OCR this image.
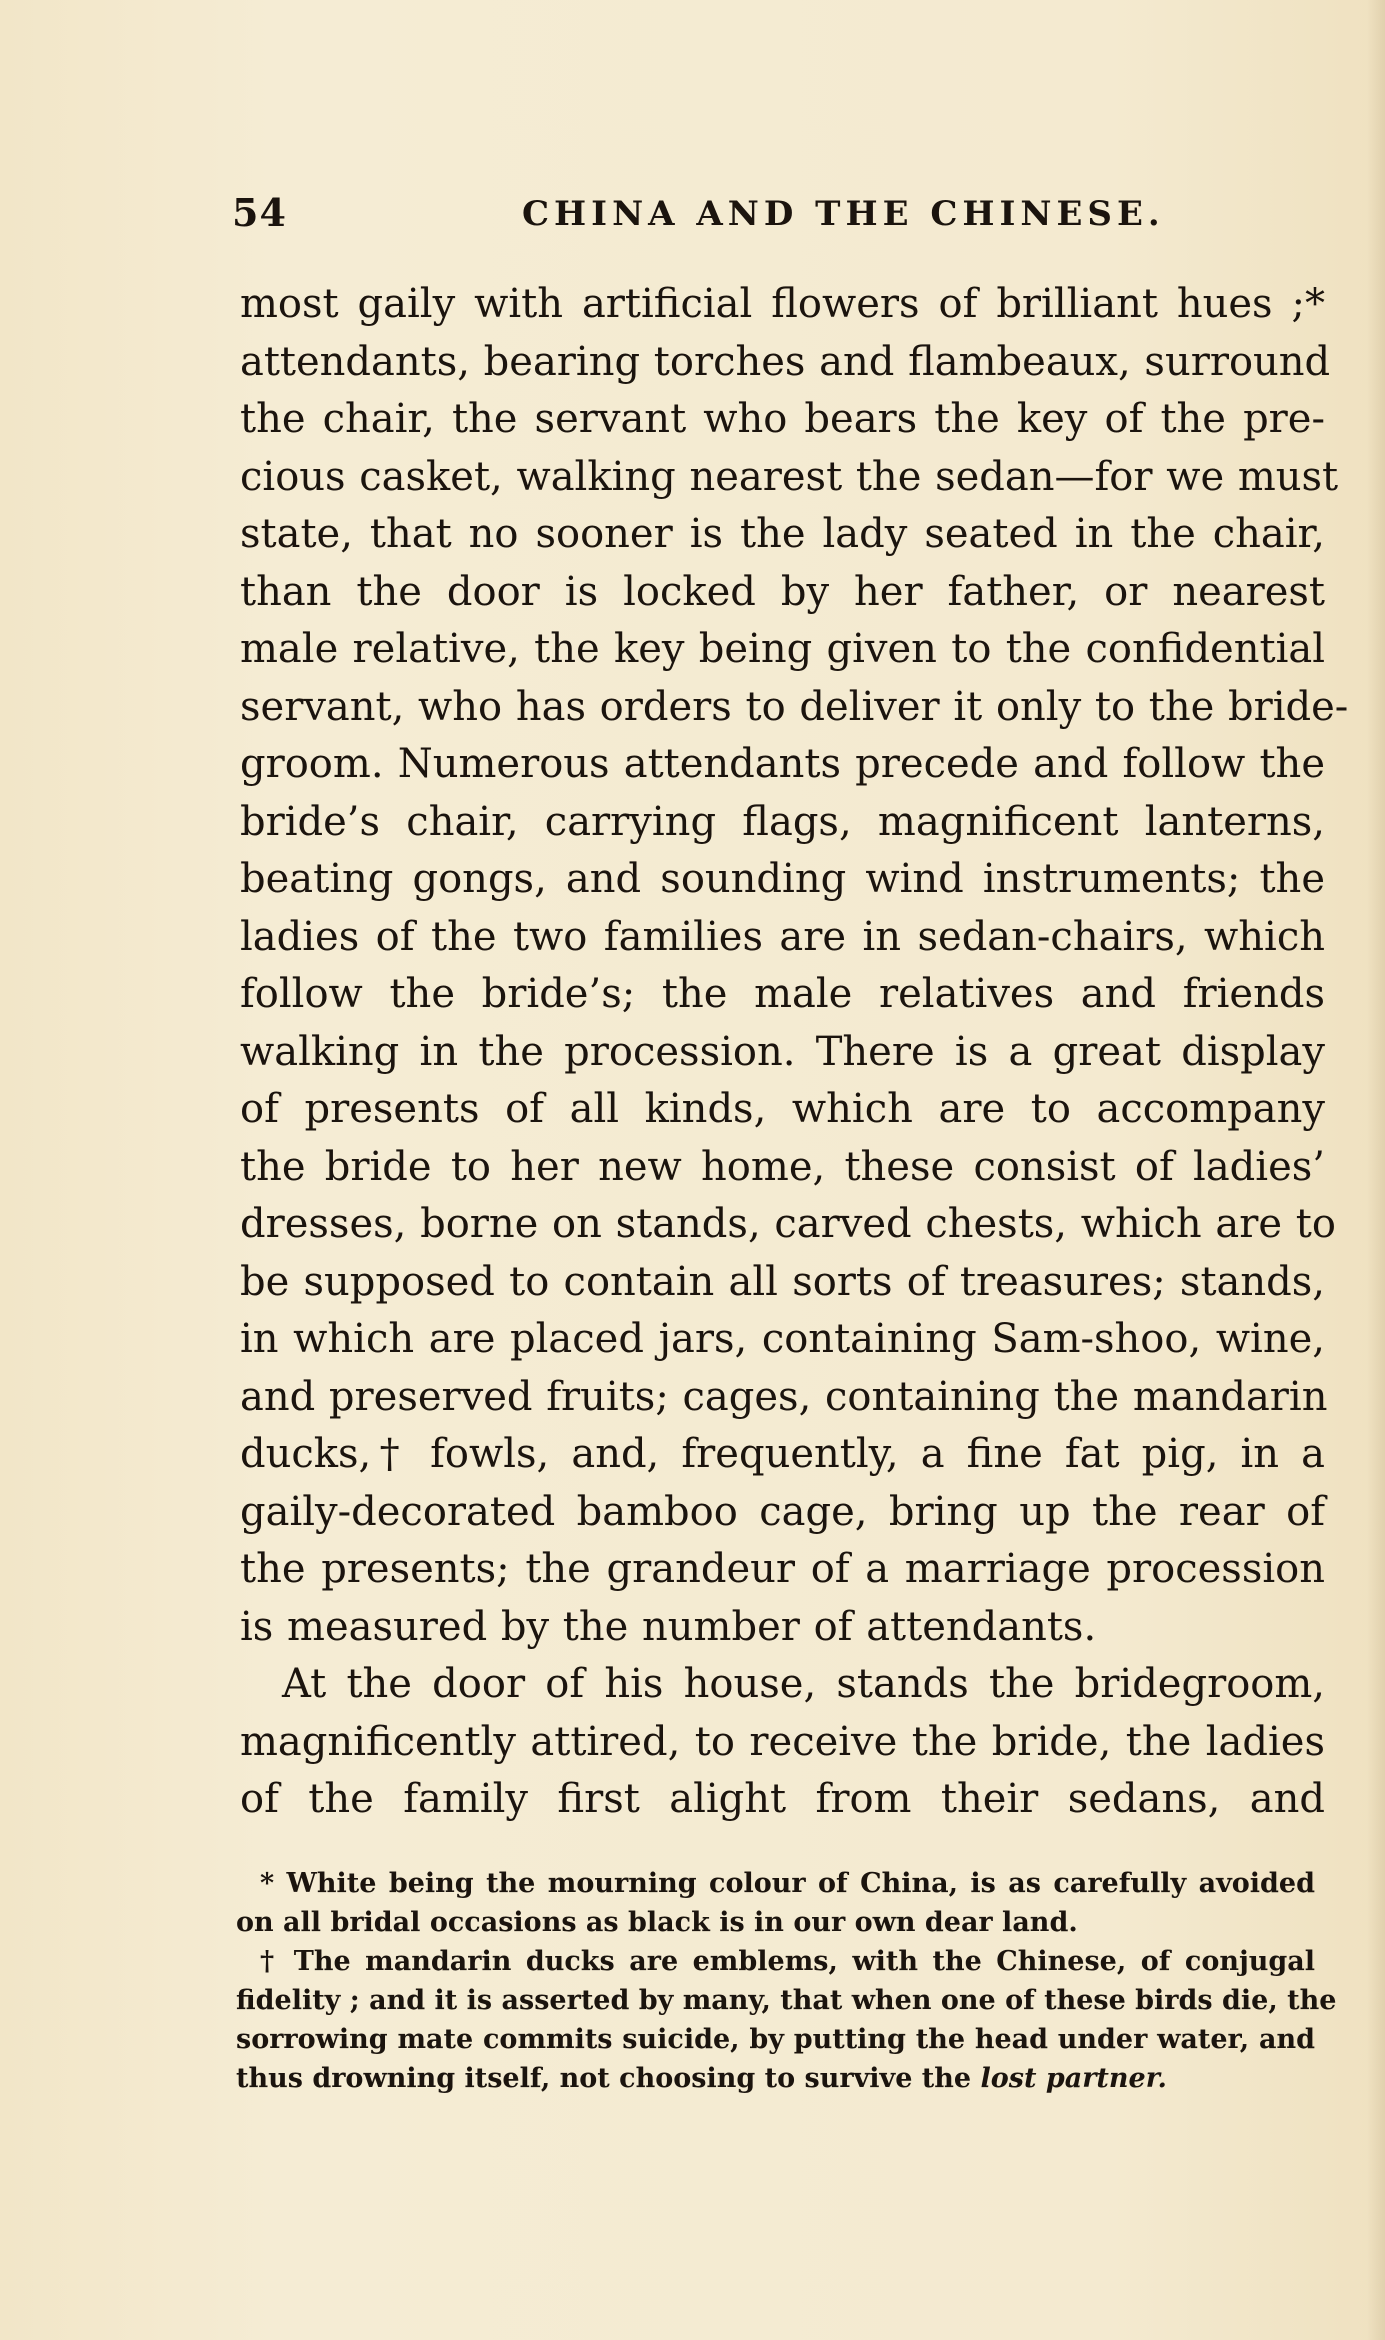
54	CHINA AND THE CHINESE.
most gaily with artificial flowers of brilliant hues ;*
attendants, bearing torches and flambeaux, surround
the chair, the servant who bears the key of the pre-
cious casket, walking nearest the sedan—for we must
state, that no sooner is the lady seated in the chair,
than the door is locked by her father, or nearest
male relative, the key being given to the confidential
servant, who has orders to deliver it only to the bride-
groom. Numerous attendants precede and follow the
bride’s chair, carrying flags, magnificent lanterns,
beating gongs, and sounding wind instruments; the
ladies of the two families are in sedan-chairs, which
follow the bride’s; the male relatives and friends
walking in the procession. There is a great display
of presents of all kinds, which are to accompany
the bride to her new home, these consist of ladies’
dresses, borne on stands, carved chests, which are to
be supposed to contain all sorts of treasures; stands,
in which are placed jars, containing Sam-shoo, wine,
and preserved fruits; cages, containing the mandarin
ducks,† fowls, and, frequently, a fine fat pig, in a
gaily-decorated bamboo cage, bring up the rear of
the presents; the grandeur of a marriage procession
is measured by the number of attendants.
At the door of his house, stands the bridegroom,
magnificently attired, to receive the bride, the ladies
of the family first alight from their sedans, and
* White being the mourning colour of China, is as carefully avoided
on all bridal occasions as black is in our own dear land.
† The mandarin ducks are emblems, with the Chinese, of conjugal
fidelity ; and it is asserted by many, that when one of these birds die, the
sorrowing mate commits suicide, by putting the head under water, and
thus drowning itself, not choosing to survive the lost partner.
